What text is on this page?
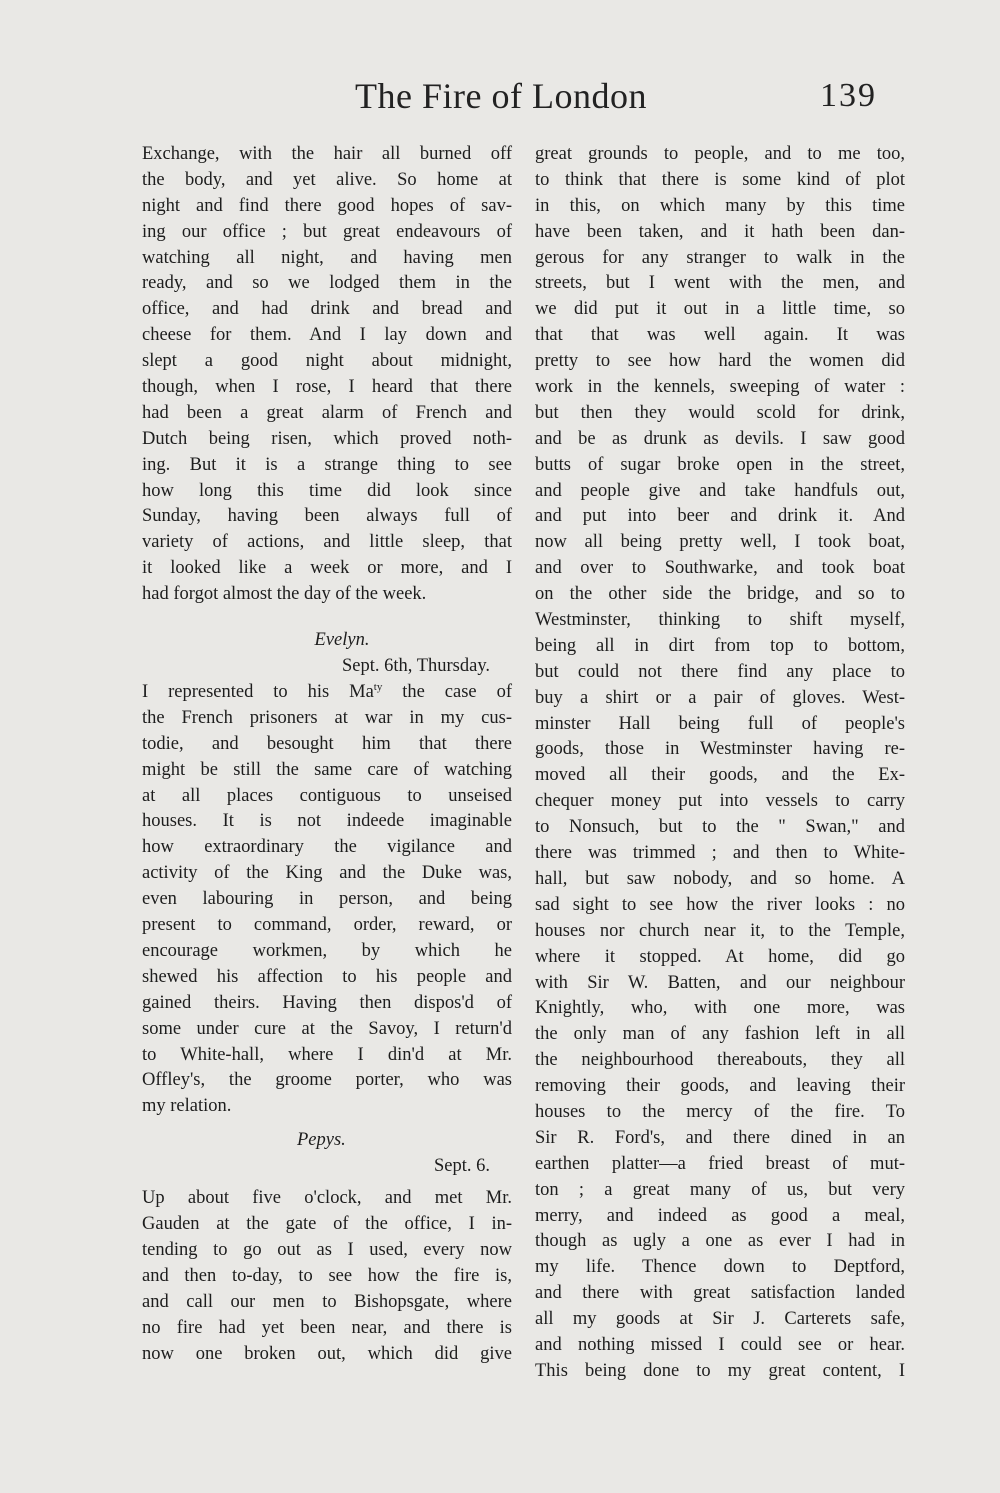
The Fire of London	139
Exchange, with the hair all burned off
the body, and yet alive. So home at
night and find there good hopes of sav-
ing our office ; but great endeavours of
watching all night, and having men
ready, and so we lodged them in the
office, and had drink and bread and
cheese for them. And I lay down and
slept a good night about midnight,
though, when I rose, I heard that there
had been a great alarm of French and
Dutch being risen, which proved noth-
ing. But it is a strange thing to see
how long this time did look since
Sunday, having been always full of
variety of actions, and little sleep, that
it looked like a week or more, and I
had forgot almost the day of the week.
Evelyn.
Sept. 6th, Thursday.
I represented to his $Ma^{ty}$ the case of
the French prisoners at war in my cus-
todie, and besought him that there
might be still the same care of watching
at all places contiguous to unseised
houses. It is not indeede imaginable
how extraordinary the vigilance and
activity of the King and the Duke was,
even labouring in person, and being
present to command, order, reward, or
encourage workmen, by which he
shewed his affection to his people and
gained theirs. Having then dispos'd of
some under cure at the Savoy, I return'd
to White-hall, where I din'd at Mr.
Offley's, the groome porter, who was
my relation.
Pepys.
Sept. 6.
Up about five o'clock, and met Mr.
Gauden at the gate of the office, I in-
tending to go out as I used, every now
and then to-day, to see how the fire is,
and call our men to Bishopsgate, where
no fire had yet been near, and there is
now one broken out, which did give
great grounds to people, and to me too,
to think that there is some kind of plot
in this, on which many by this time
have been taken, and it hath been dan-
gerous for any stranger to walk in the
streets, but I went with the men, and
we did put it out in a little time, so
that that was well again. It was
pretty to see how hard the women did
work in the kennels, sweeping of water :
but then they would scold for drink,
and be as drunk as devils. I saw good
butts of sugar broke open in the street,
and people give and take handfuls out,
and put into beer and drink it. And
now all being pretty well, I took boat,
and over to Southwarke, and took boat
on the other side the bridge, and so to
Westminster, thinking to shift myself,
being all in dirt from top to bottom,
but could not there find any place to
buy a shirt or a pair of gloves. West-
minster Hall being full of people's
goods, those in Westminster having re-
moved all their goods, and the Ex-
chequer money put into vessels to carry
to Nonsuch, but to the " Swan," and
there was trimmed ; and then to White-
hall, but saw nobody, and so home. A
sad sight to see how the river looks : no
houses nor church near it, to the Temple,
where it stopped. At home, did go
with Sir W. Batten, and our neighbour
Knightly, who, with one more, was
the only man of any fashion left in all
the neighbourhood thereabouts, they all
removing their goods, and leaving their
houses to the mercy of the fire. To
Sir R. Ford's, and there dined in an
earthen platter—a fried breast of mut-
ton ; a great many of us, but very
merry, and indeed as good a meal,
though as ugly a one as ever I had in
my life. Thence down to Deptford,
and there with great satisfaction landed
all my goods at Sir J. Carterets safe,
and nothing missed I could see or hear.
This being done to my great content, I
